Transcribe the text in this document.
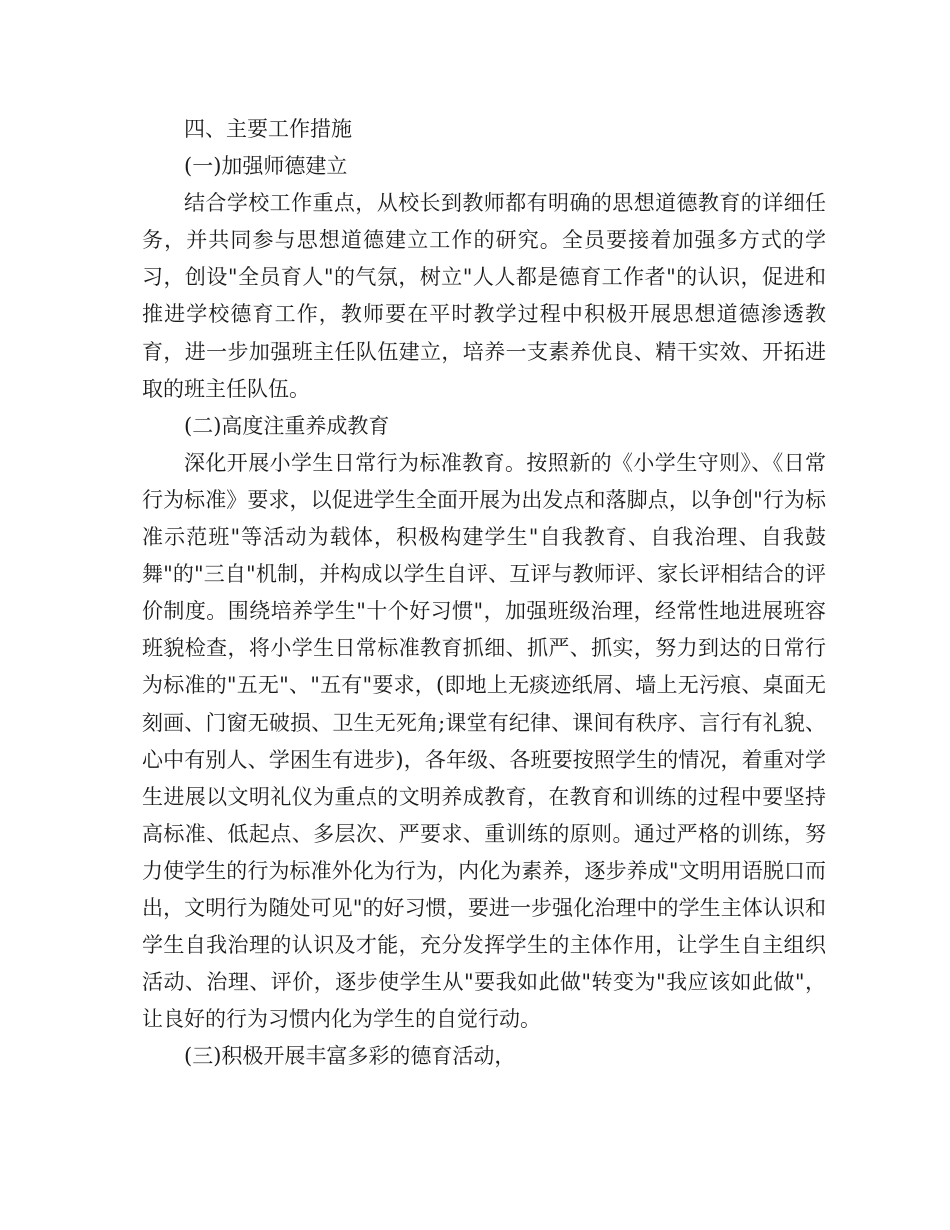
四、主要工作措施
(一)加强师德建立
结合学校工作重点，从校长到教师都有明确的思想道德教育的详细任务，并共同参与思想道德建立工作的研究。全员要接着加强多方式的学习，创设"全员育人"的气氛，树立"人人都是德育工作者"的认识，促进和推进学校德育工作，教师要在平时教学过程中积极开展思想道德渗透教育，进一步加强班主任队伍建立，培养一支素养优良、精干实效、开拓进取的班主任队伍。
(二)高度注重养成教育
深化开展小学生日常行为标准教育。按照新的《小学生守则》、《日常行为标准》要求，以促进学生全面开展为出发点和落脚点，以争创"行为标准示范班"等活动为载体，积极构建学生"自我教育、自我治理、自我鼓舞"的"三自"机制，并构成以学生自评、互评与教师评、家长评相结合的评价制度。围绕培养学生"十个好习惯"，加强班级治理，经常性地进展班容班貌检查，将小学生日常标准教育抓细、抓严、抓实，努力到达的日常行为标准的"五无"、"五有"要求，(即地上无痰迹纸屑、墙上无污痕、桌面无刻画、门窗无破损、卫生无死角;课堂有纪律、课间有秩序、言行有礼貌、心中有别人、学困生有进步)，各年级、各班要按照学生的情况，着重对学生进展以文明礼仪为重点的文明养成教育，在教育和训练的过程中要坚持高标准、低起点、多层次、严要求、重训练的原则。通过严格的训练，努力使学生的行为标准外化为行为，内化为素养，逐步养成"文明用语脱口而出，文明行为随处可见"的好习惯，要进一步强化治理中的学生主体认识和学生自我治理的认识及才能，充分发挥学生的主体作用，让学生自主组织活动、治理、评价，逐步使学生从"要我如此做"转变为"我应该如此做"，让良好的行为习惯内化为学生的自觉行动。
(三)积极开展丰富多彩的德育活动，
